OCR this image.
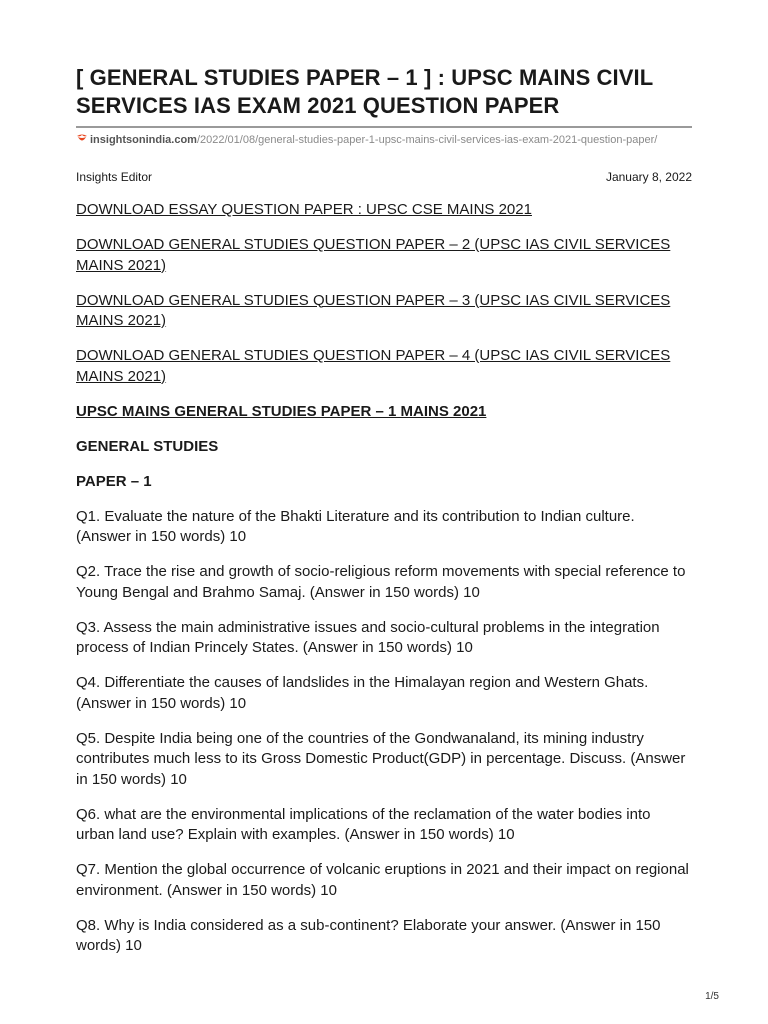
[ GENERAL STUDIES PAPER – 1 ] : UPSC MAINS CIVIL SERVICES IAS EXAM 2021 QUESTION PAPER
insightsonindia.com/2022/01/08/general-studies-paper-1-upsc-mains-civil-services-ias-exam-2021-question-paper/
Insights Editor	January 8, 2022

DOWNLOAD ESSAY QUESTION PAPER : UPSC CSE MAINS 2021

DOWNLOAD GENERAL STUDIES QUESTION PAPER – 2 (UPSC IAS CIVIL SERVICES MAINS 2021)

DOWNLOAD GENERAL STUDIES QUESTION PAPER – 3 (UPSC IAS CIVIL SERVICES MAINS 2021)

DOWNLOAD GENERAL STUDIES QUESTION PAPER – 4 (UPSC IAS CIVIL SERVICES MAINS 2021)

UPSC MAINS GENERAL STUDIES PAPER – 1 MAINS 2021

GENERAL STUDIES

PAPER – 1

Q1. Evaluate the nature of the Bhakti Literature and its contribution to Indian culture. (Answer in 150 words) 10

Q2. Trace the rise and growth of socio-religious reform movements with special reference to Young Bengal and Brahmo Samaj. (Answer in 150 words) 10

Q3. Assess the main administrative issues and socio-cultural problems in the integration process of Indian Princely States. (Answer in 150 words) 10

Q4. Differentiate the causes of landslides in the Himalayan region and Western Ghats. (Answer in 150 words) 10

Q5. Despite India being one of the countries of the Gondwanaland, its mining industry contributes much less to its Gross Domestic Product(GDP) in percentage. Discuss. (Answer in 150 words) 10

Q6. what are the environmental implications of the reclamation of the water bodies into urban land use? Explain with examples. (Answer in 150 words) 10

Q7. Mention the global occurrence of volcanic eruptions in 2021 and their impact on regional environment. (Answer in 150 words) 10

Q8. Why is India considered as a sub-continent? Elaborate your answer. (Answer in 150 words) 10

1/5
